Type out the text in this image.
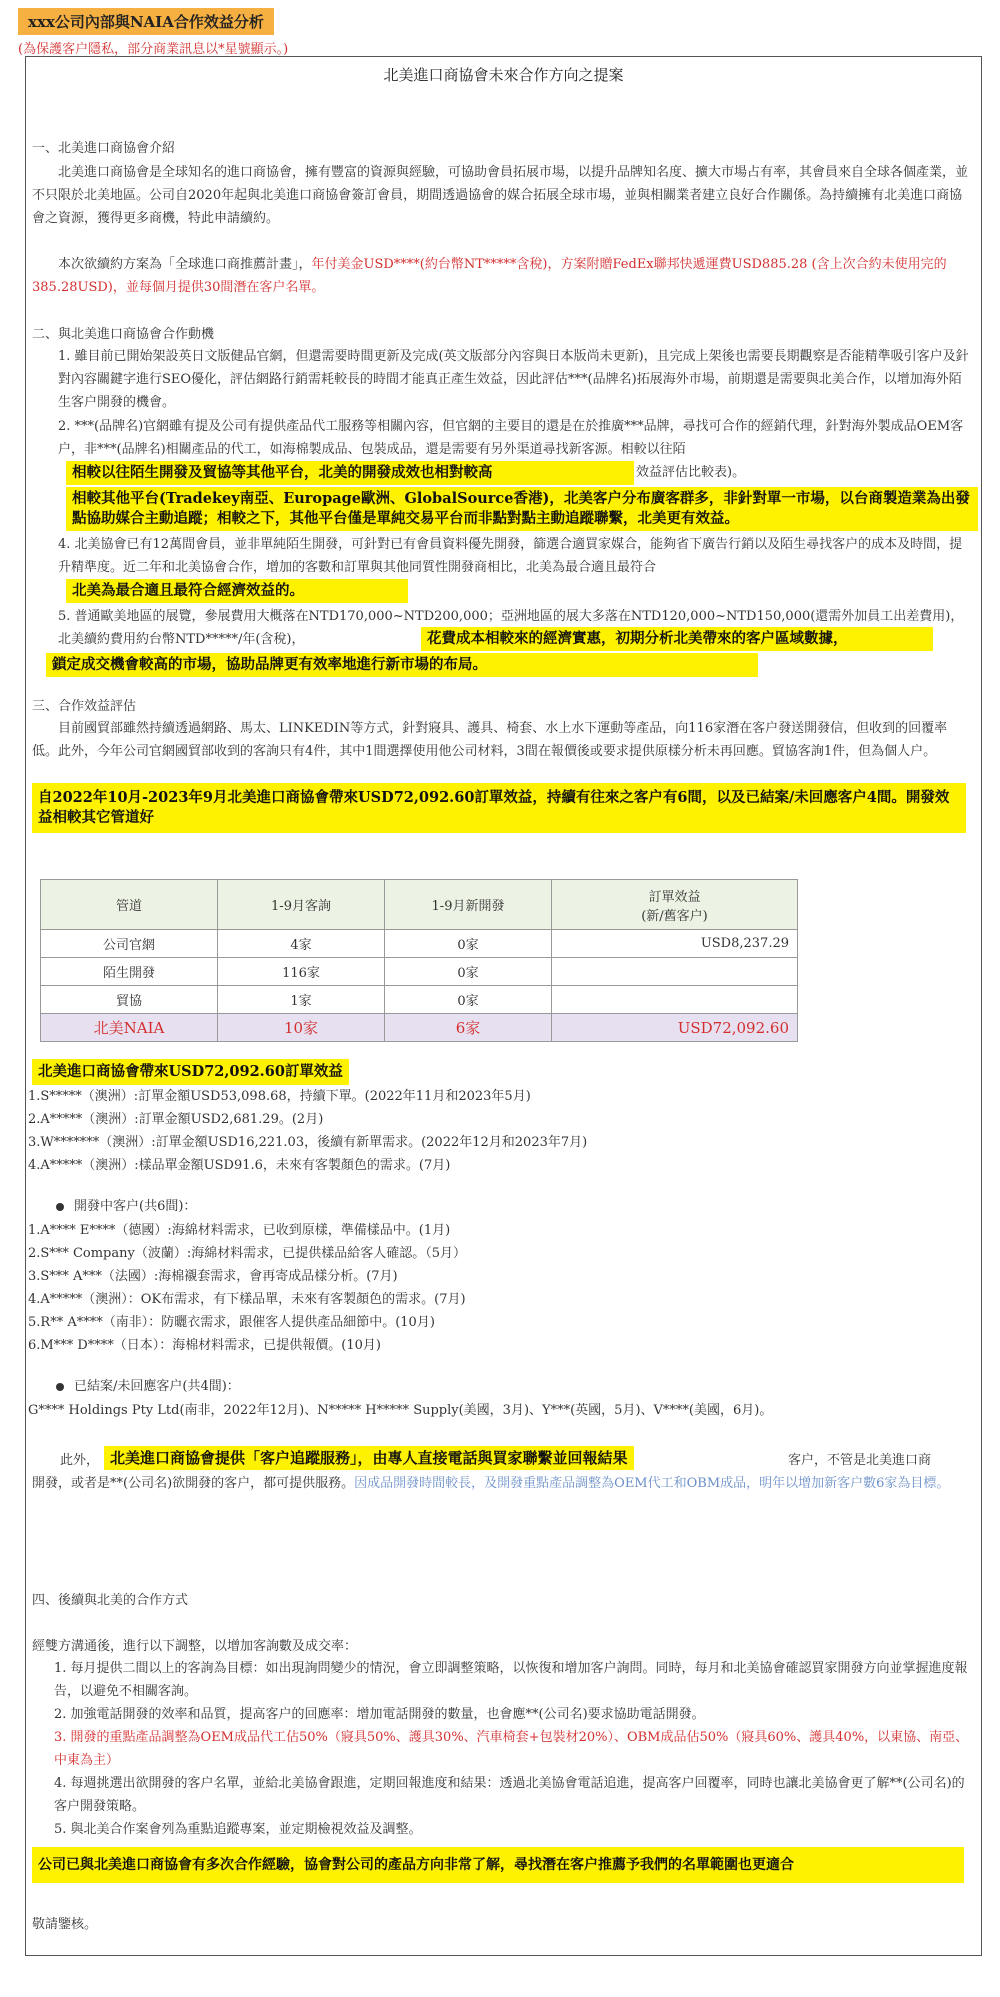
xxx公司內部與NAIA合作效益分析
(為保護客户隱私，部分商業訊息以*星號顯示。)
北美進口商協會未來合作方向之提案
一、北美進口商協會介紹
北美進口商協會是全球知名的進口商協會，擁有豐富的資源與經驗，可協助會員拓展市場，以提升品牌知名度、擴大市場占有率，其會員來自全球各個產業，並不只限於北美地區。公司自2020年起與北美進口商協會簽訂會員，期間透過協會的媒合拓展全球市場，並與相關業者建立良好合作關係。為持續擁有北美進口商協會之資源，獲得更多商機，特此申請續約。
本次欲續約方案為「全球進口商推薦計畫」，年付美金USD****(約台幣NT*****含稅)，方案附贈FedEx聯邦快遞運費USD885.28 (含上次合約未使用完的385.28USD)，並每個月提供30間潛在客户名單。
二、與北美進口商協會合作動機
1. 雖目前已開始架設英日文版健品官網，但還需要時間更新及完成(英文版部分內容與日本版尚未更新)，且完成上架後也需要長期觀察是否能精準吸引客户及針對內容關鍵字進行SEO優化，評估網路行銷需耗較長的時間才能真正產生效益，因此評估***(品牌名)拓展海外市場，前期還是需要與北美合作，以增加海外陌生客户開發的機會。
2. ***(品牌名)官網雖有提及公司有提供產品代工服務等相關內容，但官網的主要目的還是在於推廣***品牌，尋找可合作的經銷代理，針對海外製成品OEM客户，非***(品牌名)相關產品的代工，如海棉製成品、包裝成品，還是需要有另外渠道尋找新客源。相較以往陌
效益評估比較表)。
相較以往陌生開發及貿協等其他平台，北美的開發成效也相對較高
相較其他平台(Tradekey南亞、Europage歐洲、GlobalSource香港)，北美客户分布廣客群多，非針對單一市場，以台商製造業為出發點協助媒合主動追蹤；相較之下，其他平台僅是單純交易平台而非點對點主動追蹤聯繫，北美更有效益。
4. 北美協會已有12萬間會員，並非單純陌生開發，可針對已有會員資料優先開發，篩選合適買家媒合，能夠省下廣告行銷以及陌生尋找客户的成本及時間，提升精準度。近二年和北美協會合作，增加的客數和訂單與其他同質性開發商相比，北美為最合適且最符合
北美為最合適且最符合經濟效益的。
5. 普通歐美地區的展覽，參展費用大概落在NTD170,000~NTD200,000；亞洲地區的展大多落在NTD120,000~NTD150,000(還需外加員工出差費用)，北美續約費用約台幣NTD*****/年(含稅)，	花費成本相較來的經濟實惠，初期分析北美帶來的客户區域數據，
鎖定成交機會較高的市場，協助品牌更有效率地進行新市場的布局。
三、合作效益評估
目前國貿部雖然持續透過網路、馬太、LINKEDIN等方式，針對寢具、護具、椅套、水上水下運動等產品，向116家潛在客户發送開發信，但收到的回覆率低。此外，今年公司官網國貿部收到的客詢只有4件，其中1間選擇使用他公司材料，3間在報價後或要求提供原樣分析未再回應。貿協客詢1件，但為個人户。
自2022年10月-2023年9月北美進口商協會帶來USD72,092.60訂單效益，持續有往來之客户有6間，以及已結案/未回應客户4間。開發效益相較其它管道好
管道	1-9月客詢	1-9月新開發	訂單效益
(新/舊客户)

公司官網	4家	0家	USD8,237.29
陌生開發	116家	0家	
貿協	1家	0家	
北美NAIA	10家	6家	USD72,092.60
北美進口商協會帶來USD72,092.60訂單效益
1.S*****（澳洲）:訂單金額USD53,098.68，持續下單。(2022年11月和2023年5月)
2.A*****（澳洲）:訂單金額USD2,681.29。(2月)
3.W*******（澳洲）:訂單金額USD16,221.03，後續有新單需求。(2022年12月和2023年7月)
4.A*****（澳洲）:樣品單金額USD91.6，未來有客製顏色的需求。(7月)
開發中客户(共6間)：
1.A**** E****（德國）:海綿材料需求，已收到原樣，準備樣品中。(1月)
2.S*** Company（波蘭）:海綿材料需求，已提供樣品給客人確認。（5月）
3.S*** A***（法國）:海棉襯套需求，會再寄成品樣分析。(7月)
4.A*****（澳洲）：OK布需求，有下樣品單，未來有客製顏色的需求。(7月)
5.R** A****（南非）：防曬衣需求，跟催客人提供產品細節中。(10月)
6.M*** D****（日本）：海棉材料需求，已提供報價。(10月)
已結案/未回應客户(共4間)：
G**** Holdings Pty Ltd(南非，2022年12月)、N***** H***** Supply(美國，3月)、Y***(英國，5月)、V****(美國，6月)。
此外， 北美進口商協會提供「客户追蹤服務」，由專人直接電話與買家聯繫並回報結果	客户，不管是北美進口商
開發，或者是**(公司名)欲開發的客户，都可提供服務。因成品開發時間較長，及開發重點產品調整為OEM代工和OBM成品，明年以增加新客户數6家為目標。
四、後續與北美的合作方式
經雙方溝通後，進行以下調整，以增加客詢數及成交率：
1. 每月提供二間以上的客詢為目標：如出現詢問變少的情況，會立即調整策略，以恢復和增加客户詢問。同時，每月和北美協會確認買家開發方向並掌握進度報告，以避免不相關客詢。
2. 加強電話開發的效率和品質，提高客户的回應率：增加電話開發的數量，也會應**(公司名)要求協助電話開發。
3. 開發的重點產品調整為OEM成品代工佔50%（寢具50%、護具30%、汽車椅套+包裝材20%）、OBM成品佔50%（寢具60%、護具40%，以東協、南亞、中東為主）
4. 每週挑選出欲開發的客户名單，並給北美協會跟進，定期回報進度和結果：透過北美協會電話追進，提高客户回覆率，同時也讓北美協會更了解**(公司名)的客户開發策略。
5. 與北美合作案會列為重點追蹤專案，並定期檢視效益及調整。
公司已與北美進口商協會有多次合作經驗，協會對公司的產品方向非常了解，尋找潛在客户推薦予我們的名單範圍也更適合
敬請鑒核。
